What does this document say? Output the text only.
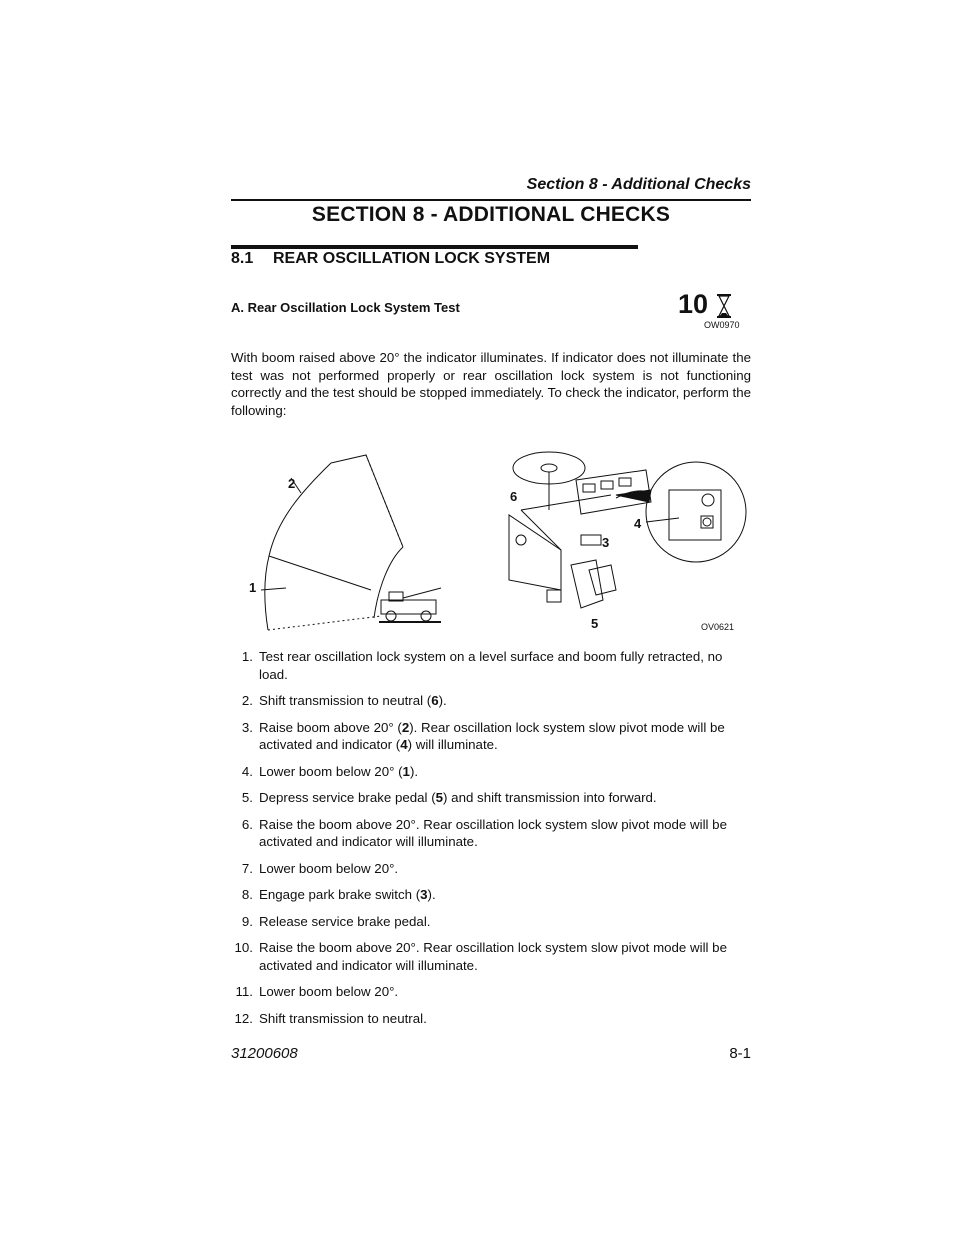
Section 8 - Additional Checks
SECTION 8 - ADDITIONAL CHECKS
8.1 REAR OSCILLATION LOCK SYSTEM
A. Rear Oscillation Lock System Test	10
OW0970
With boom raised above 20° the indicator illuminates. If indicator does not illuminate the test was not performed properly or rear oscillation lock system is not functioning correctly and the test should be stopped immediately. To check the indicator, perform the following:
1
2
3
4
5
6
OV0621
1. Test rear oscillation lock system on a level surface and boom fully retracted, no load.
2. Shift transmission to neutral (6).
3. Raise boom above 20° (2). Rear oscillation lock system slow pivot mode will be activated and indicator (4) will illuminate.
4. Lower boom below 20° (1).
5. Depress service brake pedal (5) and shift transmission into forward.
6. Raise the boom above 20°. Rear oscillation lock system slow pivot mode will be activated and indicator will illuminate.
7. Lower boom below 20°.
8. Engage park brake switch (3).
9. Release service brake pedal.
10. Raise the boom above 20°. Rear oscillation lock system slow pivot mode will be activated and indicator will illuminate.
11. Lower boom below 20°.
12. Shift transmission to neutral.
31200608	8-1
